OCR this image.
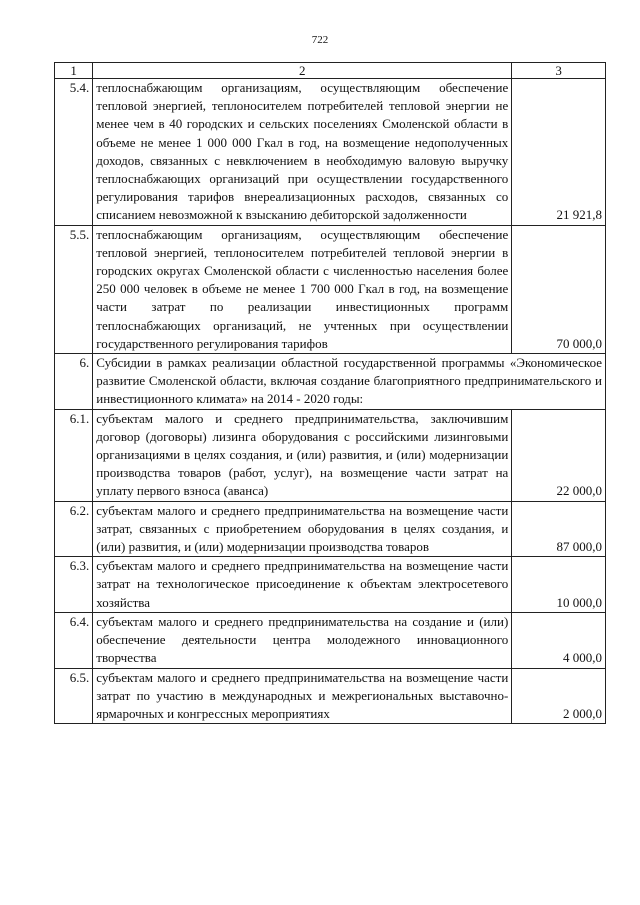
722
1	2	3
5.4.	теплоснабжающим организациям, осуществляющим обеспечение тепловой энергией, теплоносителем потребителей тепловой энергии не менее чем в 40 городских и сельских поселениях Смоленской области в объеме не менее 1 000 000 Гкал в год, на возмещение недополученных доходов, связанных с невключением в необходимую валовую выручку теплоснабжающих организаций при осуществлении государственного регулирования тарифов внереализационных расходов, связанных со списанием невозможной к взысканию дебиторской задолженности	21 921,8
5.5.	теплоснабжающим организациям, осуществляющим обеспечение тепловой энергией, теплоносителем потребителей тепловой энергии в городских округах Смоленской области с численностью населения более 250 000 человек в объеме не менее 1 700 000 Гкал в год, на возмещение части затрат по реализации инвестиционных программ теплоснабжающих организаций, не учтенных при осуществлении государственного регулирования тарифов	70 000,0
6.	Субсидии в рамках реализации областной государственной программы «Экономическое развитие Смоленской области, включая создание благоприятного предпринимательского и инвестиционного климата» на 2014 - 2020 годы:	
6.1.	субъектам малого и среднего предпринимательства, заключившим договор (договоры) лизинга оборудования с российскими лизинговыми организациями в целях создания, и (или) развития, и (или) модернизации производства товаров (работ, услуг), на возмещение части затрат на уплату первого взноса (аванса)	22 000,0
6.2.	субъектам малого и среднего предпринимательства на возмещение части затрат, связанных с приобретением оборудования в целях создания, и (или) развития, и (или) модернизации производства товаров	87 000,0
6.3.	субъектам малого и среднего предпринимательства на возмещение части затрат на технологическое присоединение к объектам электросетевого хозяйства	10 000,0
6.4.	субъектам малого и среднего предпринимательства на создание и (или) обеспечение деятельности центра молодежного инновационного творчества	4 000,0
6.5.	субъектам малого и среднего предпринимательства на возмещение части затрат по участию в международных и межрегиональных выставочно-ярмарочных и конгрессных мероприятиях	2 000,0
